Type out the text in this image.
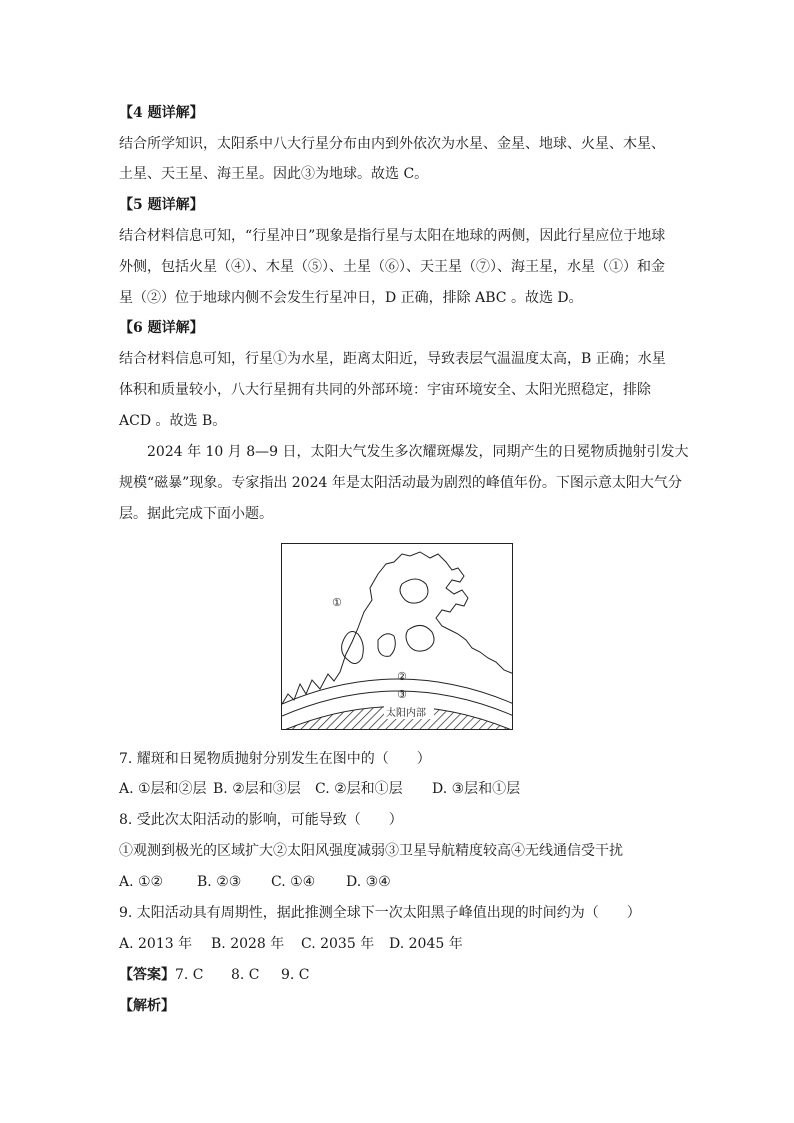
【4 题详解】
结合所学知识，太阳系中八大行星分布由内到外依次为水星、金星、地球、火星、木星、
土星、天王星、海王星。因此③为地球。故选 C。
【5 题详解】
结合材料信息可知，“行星冲日”现象是指行星与太阳在地球的两侧，因此行星应位于地球
外侧，包括火星（④）、木星（⑤）、土星（⑥）、天王星（⑦）、海王星，水星（①）和金
星（②）位于地球内侧不会发生行星冲日，D 正确，排除 ABC 。故选 D。
【6 题详解】
结合材料信息可知，行星①为水星，距离太阳近，导致表层气温温度太高，B 正确；水星
体积和质量较小，八大行星拥有共同的外部环境：宇宙环境安全、太阳光照稳定，排除
ACD 。故选 B。
2024 年 10 月 8—9 日，太阳大气发生多次耀斑爆发，同期产生的日冕物质抛射引发大
规模“磁暴”现象。专家指出 2024 年是太阳活动最为剧烈的峰值年份。下图示意太阳大气分
层。据此完成下面小题。
①
②
③
太阳内部
7. 耀斑和日冕物质抛射分别发生在图中的（　　）
A. ①层和②层 B. ②层和③层 C. ②层和①层 D. ③层和①层
8. 受此次太阳活动的影响，可能导致（　　）
①观测到极光的区域扩大②太阳风强度减弱③卫星导航精度较高④无线通信受干扰
A. ①② B. ②③ C. ①④ D. ③④
9. 太阳活动具有周期性，据此推测全球下一次太阳黑子峰值出现的时间约为（　　）
A. 2013 年 B. 2028 年 C. 2035 年 D. 2045 年
【答案】7. C 8. C 9. C
【解析】
